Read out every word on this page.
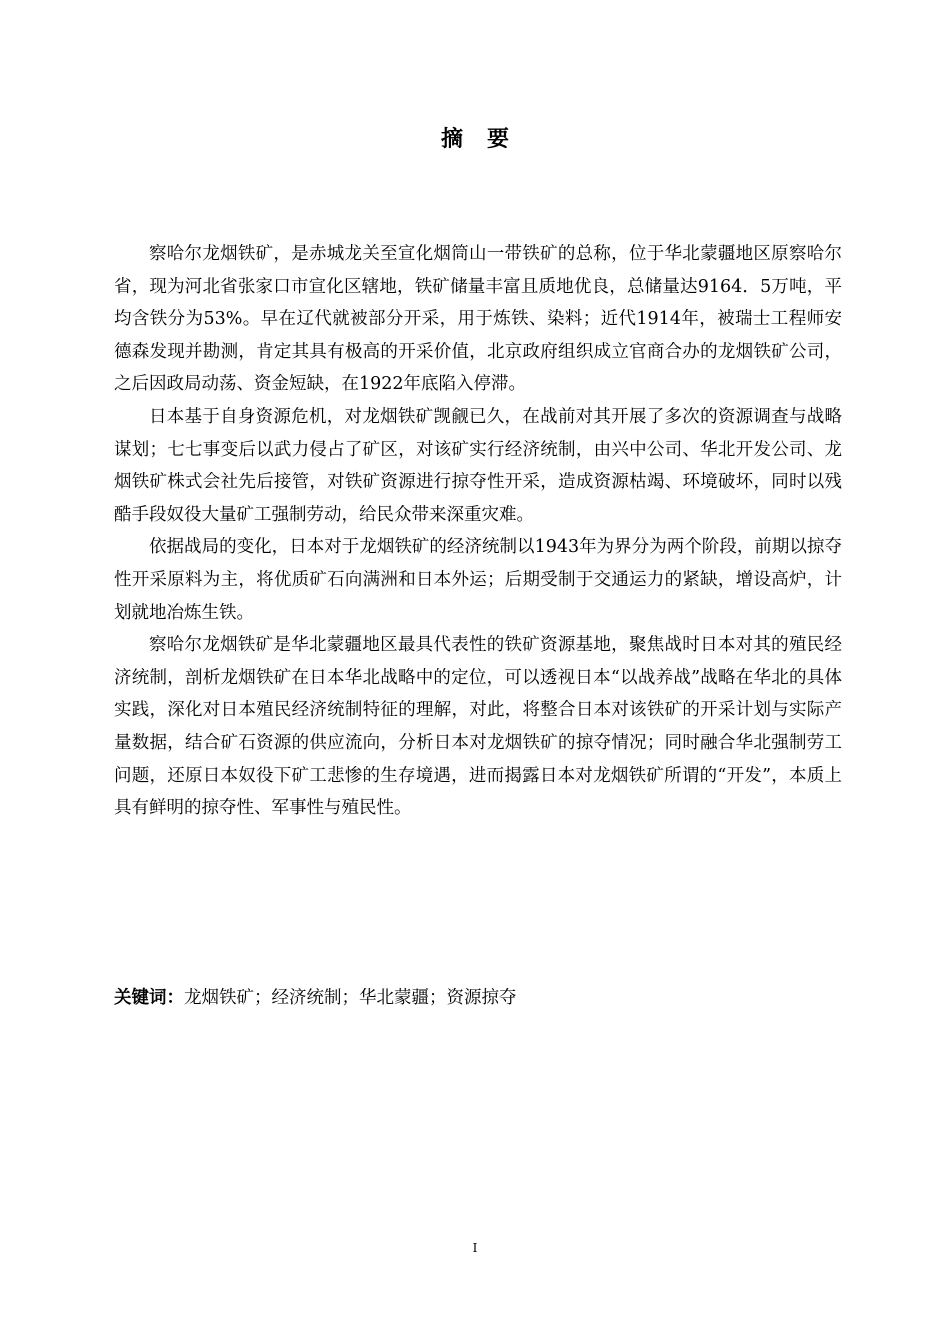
摘要

察哈尔龙烟铁矿，是赤城龙关至宣化烟筒山一带铁矿的总称，位于华北蒙疆地区原察哈尔省，现为河北省张家口市宣化区辖地，铁矿储量丰富且质地优良，总储量达9164．5万吨，平均含铁分为53%。早在辽代就被部分开采，用于炼铁、染料；近代1914年，被瑞士工程师安德森发现并勘测，肯定其具有极高的开采价值，北京政府组织成立官商合办的龙烟铁矿公司，之后因政局动荡、资金短缺，在1922年底陷入停滞。

日本基于自身资源危机，对龙烟铁矿觊觎已久，在战前对其开展了多次的资源调查与战略谋划；七七事变后以武力侵占了矿区，对该矿实行经济统制，由兴中公司、华北开发公司、龙烟铁矿株式会社先后接管，对铁矿资源进行掠夺性开采，造成资源枯竭、环境破坏，同时以残酷手段奴役大量矿工强制劳动，给民众带来深重灾难。

依据战局的变化，日本对于龙烟铁矿的经济统制以1943年为界分为两个阶段，前期以掠夺性开采原料为主，将优质矿石向满洲和日本外运；后期受制于交通运力的紧缺，增设高炉，计划就地冶炼生铁。

察哈尔龙烟铁矿是华北蒙疆地区最具代表性的铁矿资源基地，聚焦战时日本对其的殖民经济统制，剖析龙烟铁矿在日本华北战略中的定位，可以透视日本“以战养战”战略在华北的具体实践，深化对日本殖民经济统制特征的理解，对此，将整合日本对该铁矿的开采计划与实际产量数据，结合矿石资源的供应流向，分析日本对龙烟铁矿的掠夺情况；同时融合华北强制劳工问题，还原日本奴役下矿工悲惨的生存境遇，进而揭露日本对龙烟铁矿所谓的“开发”，本质上具有鲜明的掠夺性、军事性与殖民性。

关键词：龙烟铁矿；经济统制；华北蒙疆；资源掠夺
I
